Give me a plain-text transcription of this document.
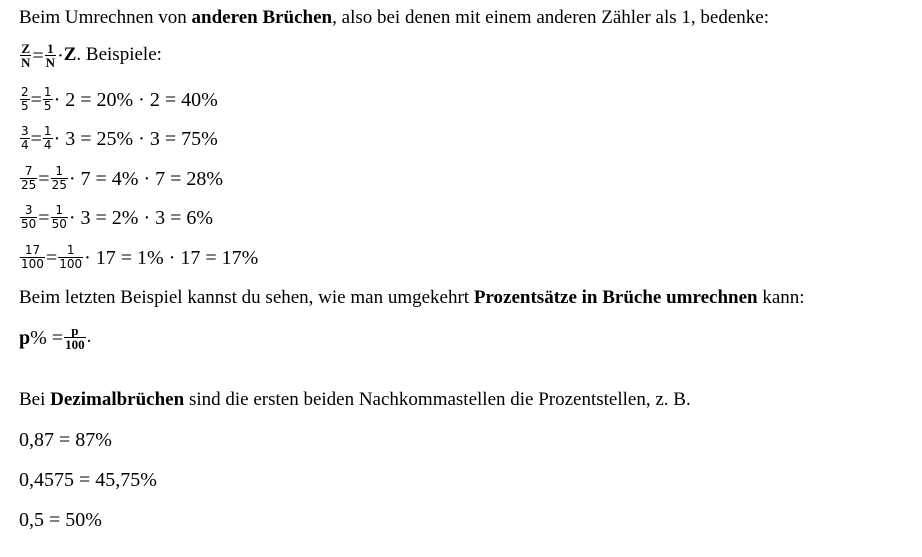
Beim Umrechnen von anderen Brüchen, also bei denen mit einem anderen Zähler als 1, bedenke:
$\frac{Z}{N} = \frac{1}{N} \cdot Z$. Beispiele:
$\frac{2}{5} = \frac{1}{5} \cdot 2 = 20\% \cdot 2 = 40\%$
$\frac{3}{4} = \frac{1}{4} \cdot 3 = 25\% \cdot 3 = 75\%$
$\frac{7}{25} = \frac{1}{25} \cdot 7 = 4\% \cdot 7 = 28\%$
$\frac{3}{50} = \frac{1}{50} \cdot 3 = 2\% \cdot 3 = 6\%$
$\frac{17}{100} = \frac{1}{100} \cdot 17 = 1\% \cdot 17 = 17\%$
Beim letzten Beispiel kannst du sehen, wie man umgekehrt Prozentsätze in Brüche umrechnen kann:
$p\% = \frac{p}{100}$ .
Bei Dezimalbrüchen sind die ersten beiden Nachkommastellen die Prozentstellen, z. B.
0,87 = 87%
0,4575 = 45,75%
0,5 = 50%
